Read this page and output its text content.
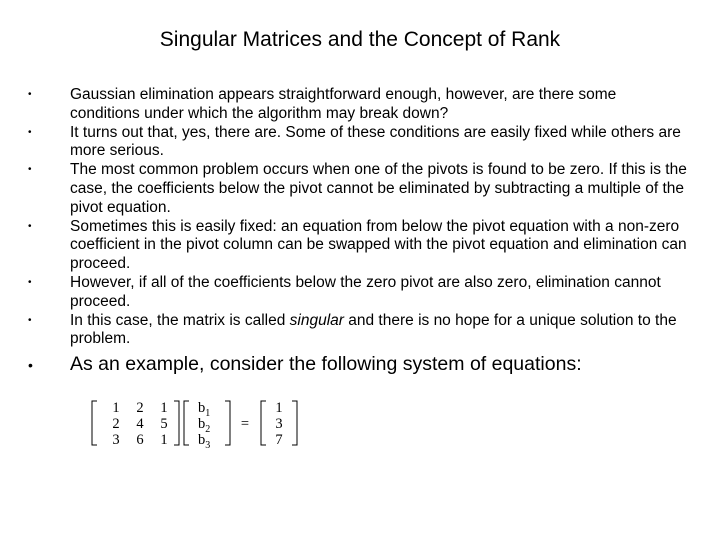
Singular Matrices and the Concept of Rank
• Gaussian elimination appears straightforward enough, however, are there some conditions under which the algorithm may break down?
• It turns out that, yes, there are. Some of these conditions are easily fixed while others are more serious.
• The most common problem occurs when one of the pivots is found to be zero. If this is the case, the coefficients below the pivot cannot be eliminated by subtracting a multiple of the pivot equation.
• Sometimes this is easily fixed: an equation from below the pivot equation with a non-zero coefficient in the pivot column can be swapped with the pivot equation and elimination can proceed.
• However, if all of the coefficients below the zero pivot are also zero, elimination cannot proceed.
• In this case, the matrix is called singular and there is no hope for a unique solution to the problem.
• As an example, consider the following system of equations:
1 2 1
2 4 5
3 6 1
$b_1$
$b_2$
$b_3$
=
1
3
7
